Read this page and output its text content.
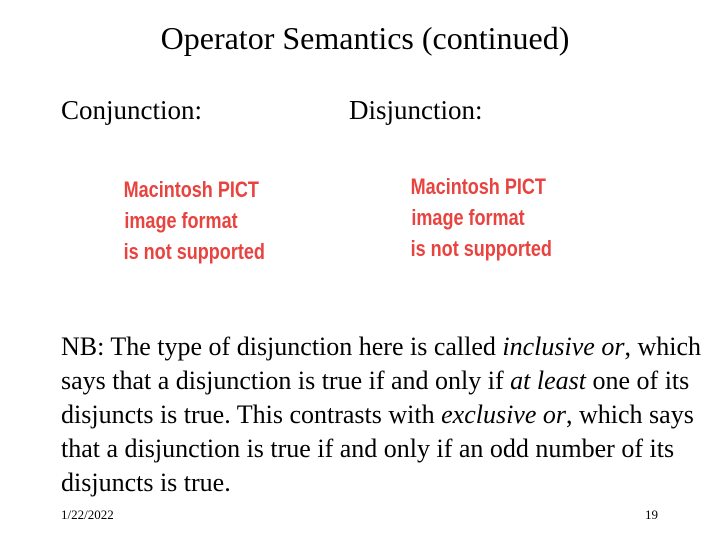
Operator Semantics (continued)
Conjunction:	Disjunction:
Macintosh PICT
image format
is not supported
Macintosh PICT
image format
is not supported
NB: The type of disjunction here is called inclusive or, which says that a disjunction is true if and only if at least one of its disjuncts is true. This contrasts with exclusive or, which says that a disjunction is true if and only if an odd number of its disjuncts is true.
1/22/2022	19
